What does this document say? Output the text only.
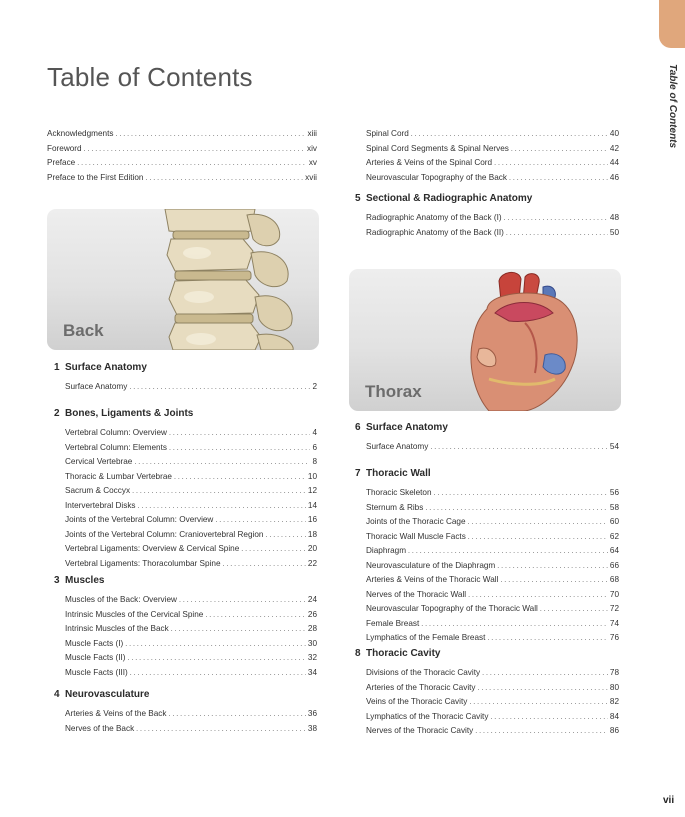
Table of Contents
Table of Contents
Acknowledgments . . .	xiii
Foreword . . .	xiv
Preface . . .	xv
Preface to the First Edition . . .	xvii
Back
1 Surface Anatomy
Surface Anatomy . . .	2
2 Bones, Ligaments & Joints
Vertebral Column: Overview . . .	4
Vertebral Column: Elements . . .	6
Cervical Vertebrae . . .	8
Thoracic & Lumbar Vertebrae . . .	10
Sacrum & Coccyx . . .	12
Intervertebral Disks . . .	14
Joints of the Vertebral Column: Overview . . .	16
Joints of the Vertebral Column: Craniovertebral Region . . .	18
Vertebral Ligaments: Overview & Cervical Spine . . .	20
Vertebral Ligaments: Thoracolumbar Spine . . .	22
3 Muscles
Muscles of the Back: Overview . . .	24
Intrinsic Muscles of the Cervical Spine . . .	26
Intrinsic Muscles of the Back . . .	28
Muscle Facts (I) . . .	30
Muscle Facts (II) . . .	32
Muscle Facts (III) . . .	34
4 Neurovasculature
Arteries & Veins of the Back . . .	36
Nerves of the Back . . .	38
Spinal Cord . . .	40
Spinal Cord Segments & Spinal Nerves . . .	42
Arteries & Veins of the Spinal Cord . . .	44
Neurovascular Topography of the Back . . .	46
5 Sectional & Radiographic Anatomy
Radiographic Anatomy of the Back (I) . . .	48
Radiographic Anatomy of the Back (II) . . .	50
Thorax
6 Surface Anatomy
Surface Anatomy . . .	54
7 Thoracic Wall
Thoracic Skeleton . . .	56
Sternum & Ribs . . .	58
Joints of the Thoracic Cage . . .	60
Thoracic Wall Muscle Facts . . .	62
Diaphragm . . .	64
Neurovasculature of the Diaphragm . . .	66
Arteries & Veins of the Thoracic Wall . . .	68
Nerves of the Thoracic Wall . . .	70
Neurovascular Topography of the Thoracic Wall . . .	72
Female Breast . . .	74
Lymphatics of the Female Breast . . .	76
8 Thoracic Cavity
Divisions of the Thoracic Cavity . . .	78
Arteries of the Thoracic Cavity . . .	80
Veins of the Thoracic Cavity . . .	82
Lymphatics of the Thoracic Cavity . . .	84
Nerves of the Thoracic Cavity . . .	86
vii
